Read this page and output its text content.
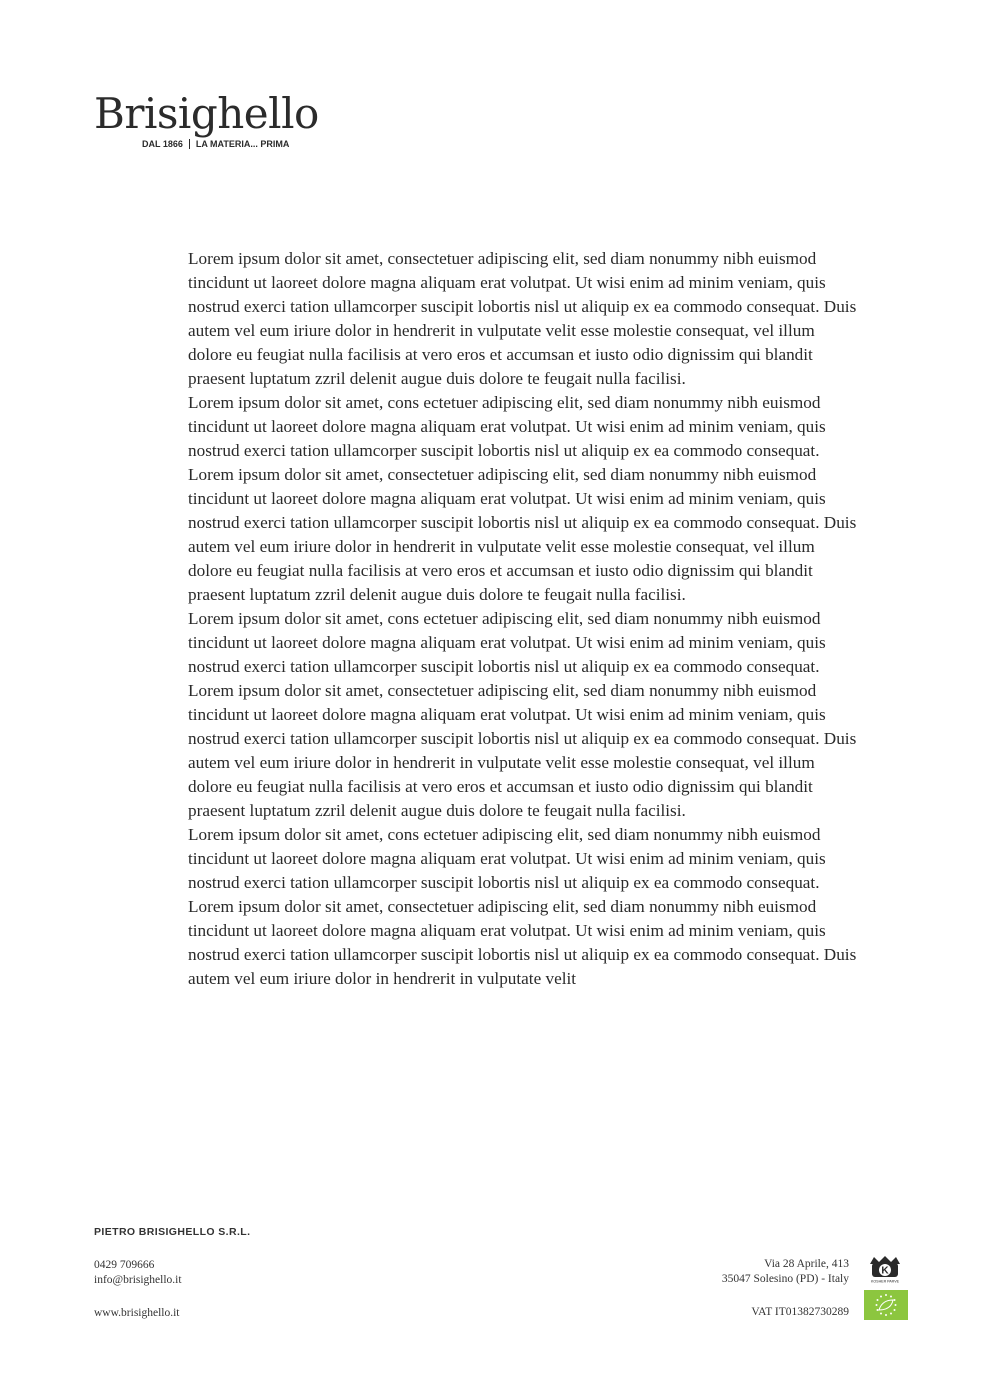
Brisighello
DAL 1866 LA MATERIA... PRIMA

Lorem ipsum dolor sit amet, consectetuer adipiscing elit, sed diam nonummy nibh euismod tincidunt ut laoreet dolore magna aliquam erat volutpat. Ut wisi enim ad minim veniam, quis nostrud exerci tation ullamcorper suscipit lobortis nisl ut aliquip ex ea commodo consequat. Duis autem vel eum iriure dolor in hendrerit in vulputate velit esse molestie consequat, vel illum dolore eu feugiat nulla facilisis at vero eros et accumsan et iusto odio dignissim qui blandit praesent luptatum zzril delenit augue duis dolore te feugait nulla facilisi.

Lorem ipsum dolor sit amet, cons ectetuer adipiscing elit, sed diam nonummy nibh euismod tincidunt ut laoreet dolore magna aliquam erat volutpat. Ut wisi enim ad minim veniam, quis nostrud exerci tation ullamcorper suscipit lobortis nisl ut aliquip ex ea commodo consequat.

Lorem ipsum dolor sit amet, consectetuer adipiscing elit, sed diam nonummy nibh euismod tincidunt ut laoreet dolore magna aliquam erat volutpat. Ut wisi enim ad minim veniam, quis nostrud exerci tation ullamcorper suscipit lobortis nisl ut aliquip ex ea commodo consequat. Duis autem vel eum iriure dolor in hendrerit in vulputate velit esse molestie consequat, vel illum dolore eu feugiat nulla facilisis at vero eros et accumsan et iusto odio dignissim qui blandit praesent luptatum zzril delenit augue duis dolore te feugait nulla facilisi.

Lorem ipsum dolor sit amet, cons ectetuer adipiscing elit, sed diam nonummy nibh euismod tincidunt ut laoreet dolore magna aliquam erat volutpat. Ut wisi enim ad minim veniam, quis nostrud exerci tation ullamcorper suscipit lobortis nisl ut aliquip ex ea commodo consequat.

Lorem ipsum dolor sit amet, consectetuer adipiscing elit, sed diam nonummy nibh euismod tincidunt ut laoreet dolore magna aliquam erat volutpat. Ut wisi enim ad minim veniam, quis nostrud exerci tation ullamcorper suscipit lobortis nisl ut aliquip ex ea commodo consequat. Duis autem vel eum iriure dolor in hendrerit in vulputate velit esse molestie consequat, vel illum dolore eu feugiat nulla facilisis at vero eros et accumsan et iusto odio dignissim qui blandit praesent luptatum zzril delenit augue duis dolore te feugait nulla facilisi.

Lorem ipsum dolor sit amet, cons ectetuer adipiscing elit, sed diam nonummy nibh euismod tincidunt ut laoreet dolore magna aliquam erat volutpat. Ut wisi enim ad minim veniam, quis nostrud exerci tation ullamcorper suscipit lobortis nisl ut aliquip ex ea commodo consequat.

Lorem ipsum dolor sit amet, consectetuer adipiscing elit, sed diam nonummy nibh euismod tincidunt ut laoreet dolore magna aliquam erat volutpat. Ut wisi enim ad minim veniam, quis nostrud exerci tation ullamcorper suscipit lobortis nisl ut aliquip ex ea commodo consequat. Duis autem vel eum iriure dolor in hendrerit in vulputate velit

PIETRO BRISIGHELLO S.R.L.
0429 709666
info@brisighello.it
www.brisighello.it
Via 28 Aprile, 413
35047 Solesino (PD) - Italy
VAT IT01382730289
K
KOSHER PARVE
